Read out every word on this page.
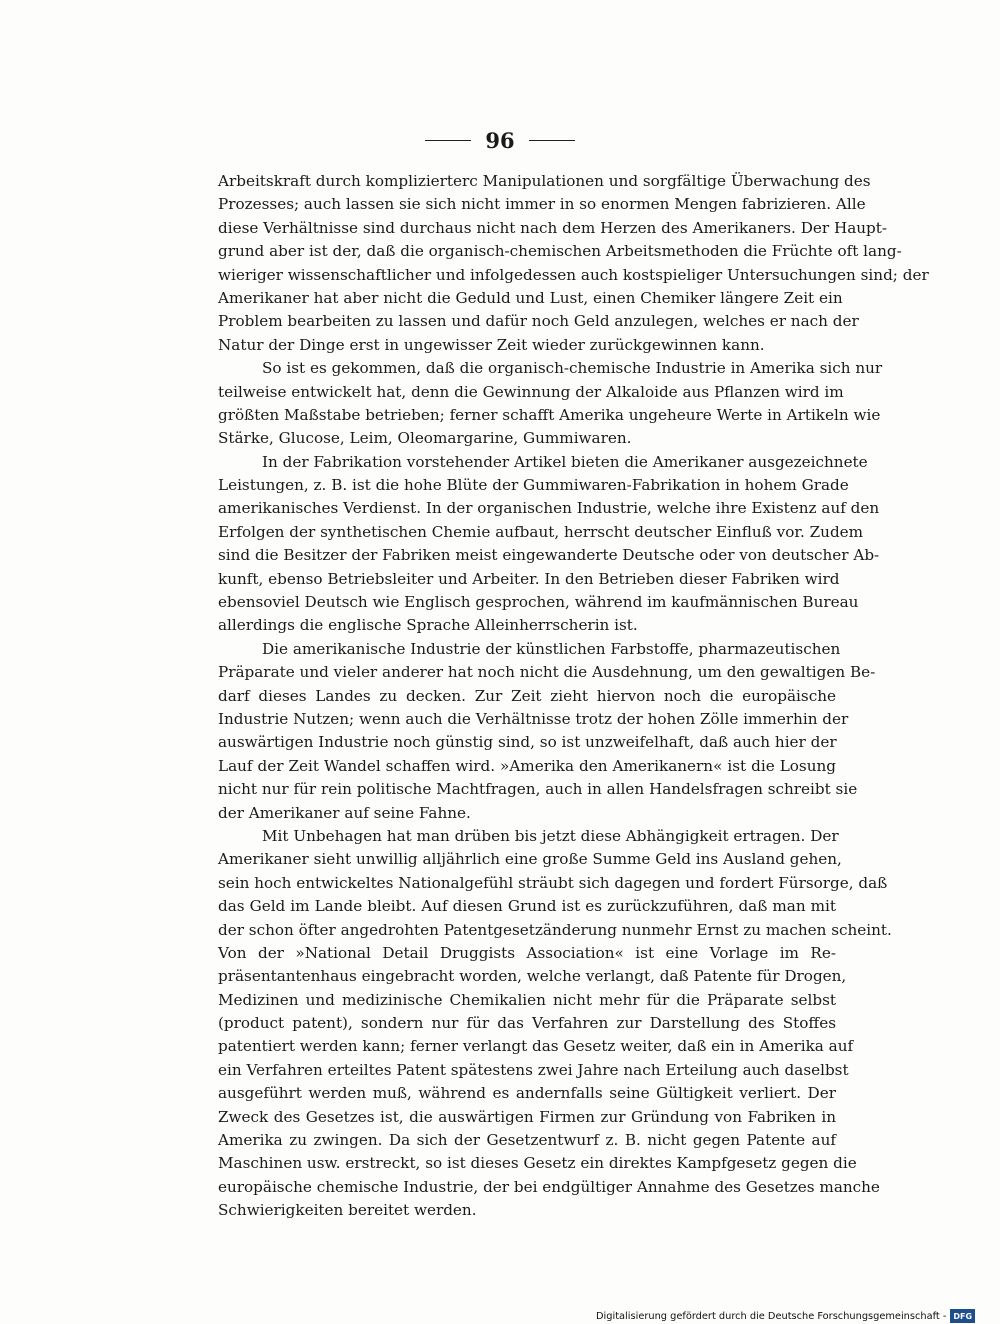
96
Arbeitskraft durch komplizierterc Manipulationen und sorgfältige Überwachung des
Prozesses; auch lassen sie sich nicht immer in so enormen Mengen fabrizieren. Alle
diese Verhältnisse sind durchaus nicht nach dem Herzen des Amerikaners. Der Haupt-
grund aber ist der, daß die organisch-chemischen Arbeitsmethoden die Früchte oft lang-
wieriger wissenschaftlicher und infolgedessen auch kostspieliger Untersuchungen sind; der
Amerikaner hat aber nicht die Geduld und Lust, einen Chemiker längere Zeit ein
Problem bearbeiten zu lassen und dafür noch Geld anzulegen, welches er nach der
Natur der Dinge erst in ungewisser Zeit wieder zurückgewinnen kann.
So ist es gekommen, daß die organisch-chemische Industrie in Amerika sich nur
teilweise entwickelt hat, denn die Gewinnung der Alkaloide aus Pflanzen wird im
größten Maßstabe betrieben; ferner schafft Amerika ungeheure Werte in Artikeln wie
Stärke, Glucose, Leim, Oleomargarine, Gummiwaren.
In der Fabrikation vorstehender Artikel bieten die Amerikaner ausgezeichnete
Leistungen, z. B. ist die hohe Blüte der Gummiwaren-Fabrikation in hohem Grade
amerikanisches Verdienst. In der organischen Industrie, welche ihre Existenz auf den
Erfolgen der synthetischen Chemie aufbaut, herrscht deutscher Einfluß vor. Zudem
sind die Besitzer der Fabriken meist eingewanderte Deutsche oder von deutscher Ab-
kunft, ebenso Betriebsleiter und Arbeiter. In den Betrieben dieser Fabriken wird
ebensoviel Deutsch wie Englisch gesprochen, während im kaufmännischen Bureau
allerdings die englische Sprache Alleinherrscherin ist.
Die amerikanische Industrie der künstlichen Farbstoffe, pharmazeutischen
Präparate und vieler anderer hat noch nicht die Ausdehnung, um den gewaltigen Be-
darf dieses Landes zu decken. Zur Zeit zieht hiervon noch die europäische
Industrie Nutzen; wenn auch die Verhältnisse trotz der hohen Zölle immerhin der
auswärtigen Industrie noch günstig sind, so ist unzweifelhaft, daß auch hier der
Lauf der Zeit Wandel schaffen wird. »Amerika den Amerikanern« ist die Losung
nicht nur für rein politische Machtfragen, auch in allen Handelsfragen schreibt sie
der Amerikaner auf seine Fahne.
Mit Unbehagen hat man drüben bis jetzt diese Abhängigkeit ertragen. Der
Amerikaner sieht unwillig alljährlich eine große Summe Geld ins Ausland gehen,
sein hoch entwickeltes Nationalgefühl sträubt sich dagegen und fordert Fürsorge, daß
das Geld im Lande bleibt. Auf diesen Grund ist es zurückzuführen, daß man mit
der schon öfter angedrohten Patentgesetzänderung nunmehr Ernst zu machen scheint.
Von der »National Detail Druggists Association« ist eine Vorlage im Re-
präsentantenhaus eingebracht worden, welche verlangt, daß Patente für Drogen,
Medizinen und medizinische Chemikalien nicht mehr für die Präparate selbst
(product patent), sondern nur für das Verfahren zur Darstellung des Stoffes
patentiert werden kann; ferner verlangt das Gesetz weiter, daß ein in Amerika auf
ein Verfahren erteiltes Patent spätestens zwei Jahre nach Erteilung auch daselbst
ausgeführt werden muß, während es andernfalls seine Gültigkeit verliert. Der
Zweck des Gesetzes ist, die auswärtigen Firmen zur Gründung von Fabriken in
Amerika zu zwingen. Da sich der Gesetzentwurf z. B. nicht gegen Patente auf
Maschinen usw. erstreckt, so ist dieses Gesetz ein direktes Kampfgesetz gegen die
europäische chemische Industrie, der bei endgültiger Annahme des Gesetzes manche
Schwierigkeiten bereitet werden.
Digitalisierung gefördert durch die Deutsche Forschungsgemeinschaft - DFG
